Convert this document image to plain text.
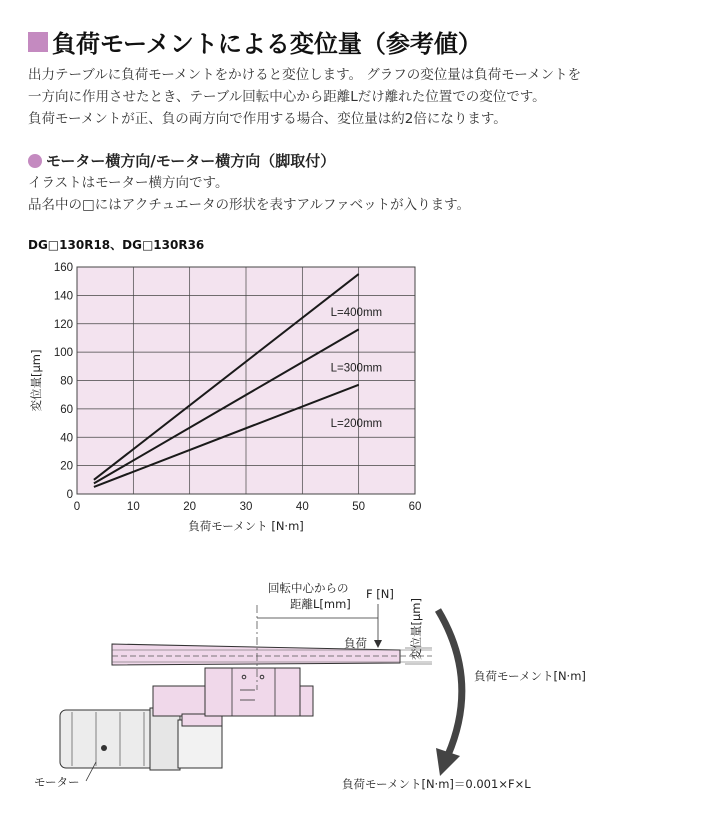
負荷モーメントによる変位量（参考値）
出力テーブルに負荷モーメントをかけると変位します。 グラフの変位量は負荷モーメントを
一方向に作用させたとき、テーブル回転中心から距離Lだけ離れた位置での変位です。
負荷モーメントが正、負の両方向で作用する場合、変位量は約2倍になります。
モーター横方向/モーター横方向（脚取付）
イラストはモーター横方向です。
品名中の□にはアクチュエータの形状を表すアルファベットが入ります。
DG□130R18、DG□130R36
0	10	20	30	40	50	60
0
20
40
60
80
100
120
140
160
L=400mm
L=300mm
L=200mm
負荷モーメント [N·m]
変位量[μm]
回転中心からの
距離L[mm]
F [N]
負荷	変位量[μm]
負荷モーメント[N·m]
モーター	負荷モーメント[N·m]＝0.001×F×L
